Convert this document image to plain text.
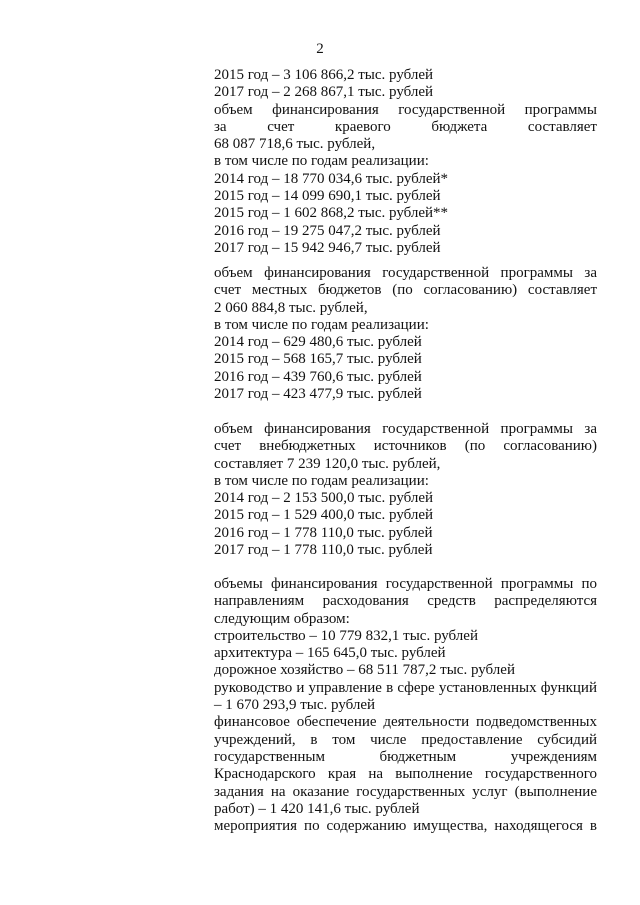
2
2015 год – 3 106 866,2 тыс. рублей
2017 год – 2 268 867,1 тыс. рублей
объем финансирования государственной программы
за счет краевого бюджета составляет
68 087 718,6 тыс. рублей,
в том числе по годам реализации:
2014 год – 18 770 034,6 тыс. рублей*
2015 год – 14 099 690,1 тыс. рублей
2015 год – 1 602 868,2 тыс. рублей**
2016 год – 19 275 047,2 тыс. рублей
2017 год – 15 942 946,7 тыс. рублей
объем финансирования государственной программы за
счет местных бюджетов (по согласованию) составляет
2 060 884,8 тыс. рублей,
в том числе по годам реализации:
2014 год – 629 480,6 тыс. рублей
2015 год – 568 165,7 тыс. рублей
2016 год – 439 760,6 тыс. рублей
2017 год – 423 477,9 тыс. рублей
объем финансирования государственной программы за
счет внебюджетных источников (по согласованию)
составляет 7 239 120,0 тыс. рублей,
в том числе по годам реализации:
2014 год – 2 153 500,0 тыс. рублей
2015 год – 1 529 400,0 тыс. рублей
2016 год – 1 778 110,0 тыс. рублей
2017 год – 1 778 110,0 тыс. рублей
объемы финансирования государственной программы по
направлениям расходования средств распределяются
следующим образом:
строительство – 10 779 832,1 тыс. рублей
архитектура – 165 645,0 тыс. рублей
дорожное хозяйство – 68 511 787,2 тыс. рублей
руководство и управление в сфере установленных функций
– 1 670 293,9 тыс. рублей
финансовое обеспечение деятельности подведомственных
учреждений, в том числе предоставление субсидий
государственным бюджетным учреждениям
Краснодарского края на выполнение государственного
задания на оказание государственных услуг (выполнение
работ) – 1 420 141,6 тыс. рублей
мероприятия по содержанию имущества, находящегося в
